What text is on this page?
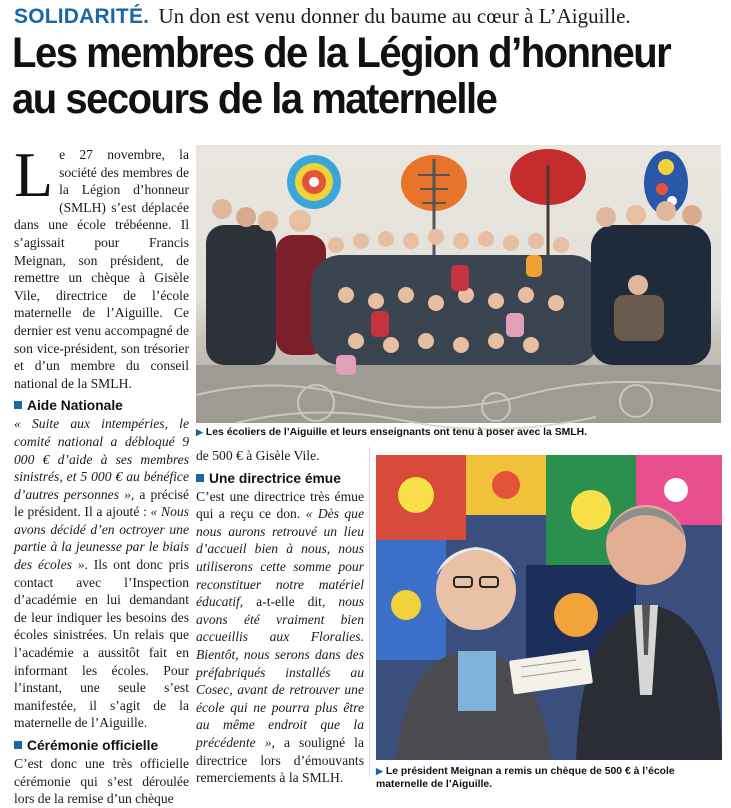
SOLIDARITÉ. Un don est venu donner du baume au cœur à L’Aiguille.
Les membres de la Légion d’honneur
au secours de la maternelle

Le 27 novembre, la société des membres de la Légion d’honneur (SMLH) s’est déplacée dans une école trébéenne. Il s’agissait pour Francis Meignan, son président, de remettre un chèque à Gisèle Vile, directrice de l’école maternelle de l’Aiguille. Ce dernier est venu accompagné de son vice-président, son trésorier et d’un membre du conseil national de la SMLH.

Aide Nationale

« Suite aux intempéries, le comité national a débloqué 9 000 € d’aide à ses membres sinistrés, et 5 000 € au bénéfice d’autres personnes », a précisé le président. Il a ajouté : « Nous avons décidé d’en octroyer une partie à la jeunesse par le biais des écoles ». Ils ont donc pris contact avec l’Inspection d’académie en lui demandant de leur indiquer les besoins des écoles sinistrées. Un relais que l’académie a aussitôt fait en informant les écoles. Pour l’instant, une seule s’est manifestée, il s’agit de la maternelle de l’Aiguille.

Cérémonie officielle

C’est donc une très officielle cérémonie qui s’est déroulée lors de la remise d’un chèque

▶ Les écoliers de l’Aiguille et leurs enseignants ont tenu à poser avec la SMLH.

de 500 € à Gisèle Vile.

Une directrice émue

C’est une directrice très émue qui a reçu ce don. « Dès que nous aurons retrouvé un lieu d’accueil bien à nous, nous utiliserons cette somme pour reconstituer notre matériel éducatif, a-t-elle dit, nous avons été vraiment bien accueillis aux Floralies. Bientôt, nous serons dans des préfabriqués installés au Cosec, avant de retrouver une école qui ne pourra plus être au même endroit que la précédente », a souligné la directrice lors d’émouvants remerciements à la SMLH.	▶ Le président Meignan a remis un chèque de 500 € à l’école maternelle de l’Aiguille.
